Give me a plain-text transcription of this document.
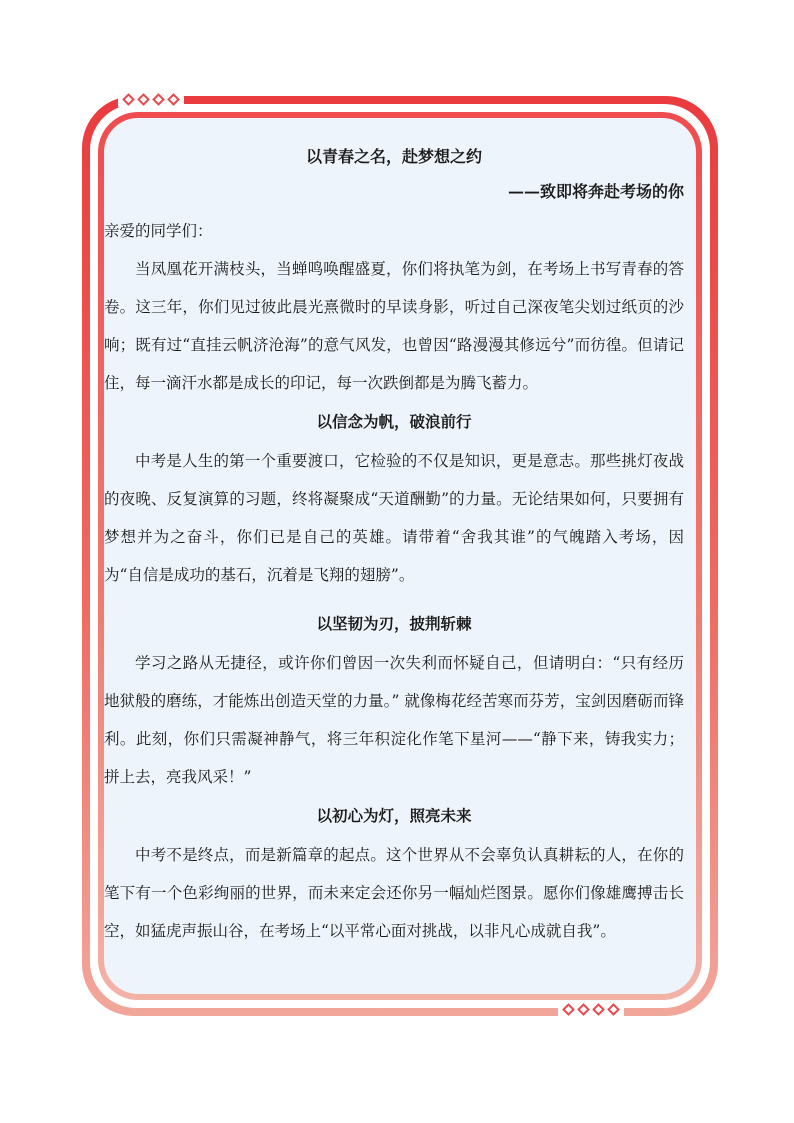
以青春之名，赴梦想之约
——致即将奔赴考场的你
亲爱的同学们：

当凤凰花开满枝头，当蝉鸣唤醒盛夏，你们将执笔为剑，在考场上书写青春的答卷。这三年，你们见过彼此晨光熹微时的早读身影，听过自己深夜笔尖划过纸页的沙响；既有过“直挂云帆济沧海”的意气风发，也曾因“路漫漫其修远兮”而彷徨。但请记住，每一滴汗水都是成长的印记，每一次跌倒都是为腾飞蓄力。

以信念为帆，破浪前行

中考是人生的第一个重要渡口，它检验的不仅是知识，更是意志。那些挑灯夜战的夜晚、反复演算的习题，终将凝聚成“天道酬勤”的力量。无论结果如何，只要拥有梦想并为之奋斗，你们已是自己的英雄。请带着“舍我其谁”的气魄踏入考场，因为“自信是成功的基石，沉着是飞翔的翅膀”。

以坚韧为刃，披荆斩棘

学习之路从无捷径，或许你们曾因一次失利而怀疑自己，但请明白：“只有经历地狱般的磨练，才能炼出创造天堂的力量。” 就像梅花经苦寒而芬芳，宝剑因磨砺而锋利。此刻，你们只需凝神静气，将三年积淀化作笔下星河——“静下来，铸我实力；拼上去，亮我风采！”

以初心为灯，照亮未来

中考不是终点，而是新篇章的起点。这个世界从不会辜负认真耕耘的人，在你的笔下有一个色彩绚丽的世界，而未来定会还你另一幅灿烂图景。愿你们像雄鹰搏击长空，如猛虎声振山谷，在考场上“以平常心面对挑战，以非凡心成就自我”。
